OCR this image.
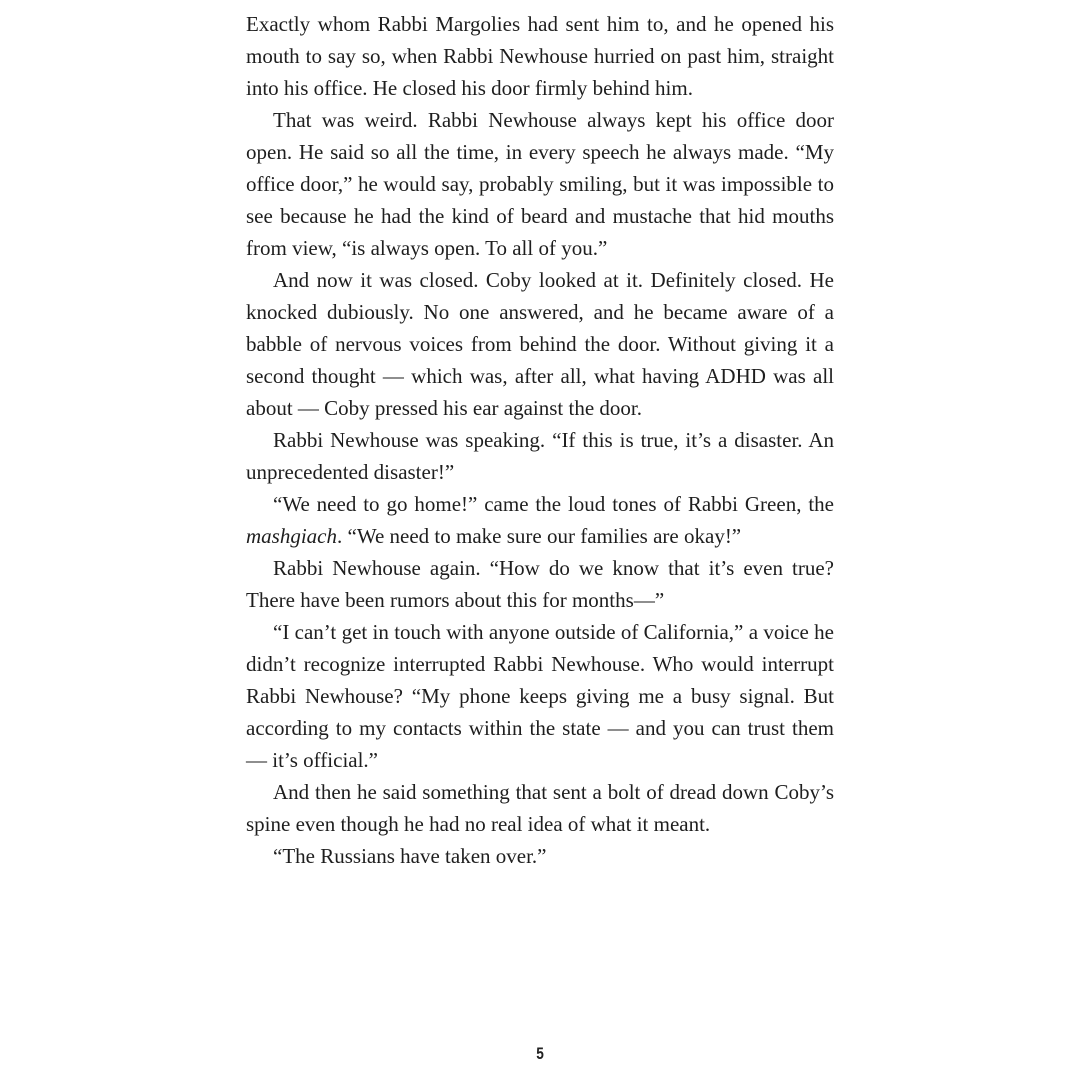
Exactly whom Rabbi Margolies had sent him to, and he opened his mouth to say so, when Rabbi Newhouse hurried on past him, straight into his office. He closed his door firmly behind him.

That was weird. Rabbi Newhouse always kept his office door open. He said so all the time, in every speech he always made. “My office door,” he would say, probably smiling, but it was impossible to see because he had the kind of beard and mustache that hid mouths from view, “is always open. To all of you.”

And now it was closed. Coby looked at it. Definitely closed. He knocked dubiously. No one answered, and he became aware of a babble of nervous voices from behind the door. Without giving it a second thought — which was, after all, what having ADHD was all about — Coby pressed his ear against the door.

Rabbi Newhouse was speaking. “If this is true, it’s a disaster. An unprecedented disaster!”

“We need to go home!” came the loud tones of Rabbi Green, the mashgiach. “We need to make sure our families are okay!”

Rabbi Newhouse again. “How do we know that it’s even true? There have been rumors about this for months—”

“I can’t get in touch with anyone outside of California,” a voice he didn’t recognize interrupted Rabbi Newhouse. Who would interrupt Rabbi Newhouse? “My phone keeps giving me a busy signal. But according to my contacts within the state — and you can trust them — it’s official.”

And then he said something that sent a bolt of dread down Coby’s spine even though he had no real idea of what it meant.

“The Russians have taken over.”

5
